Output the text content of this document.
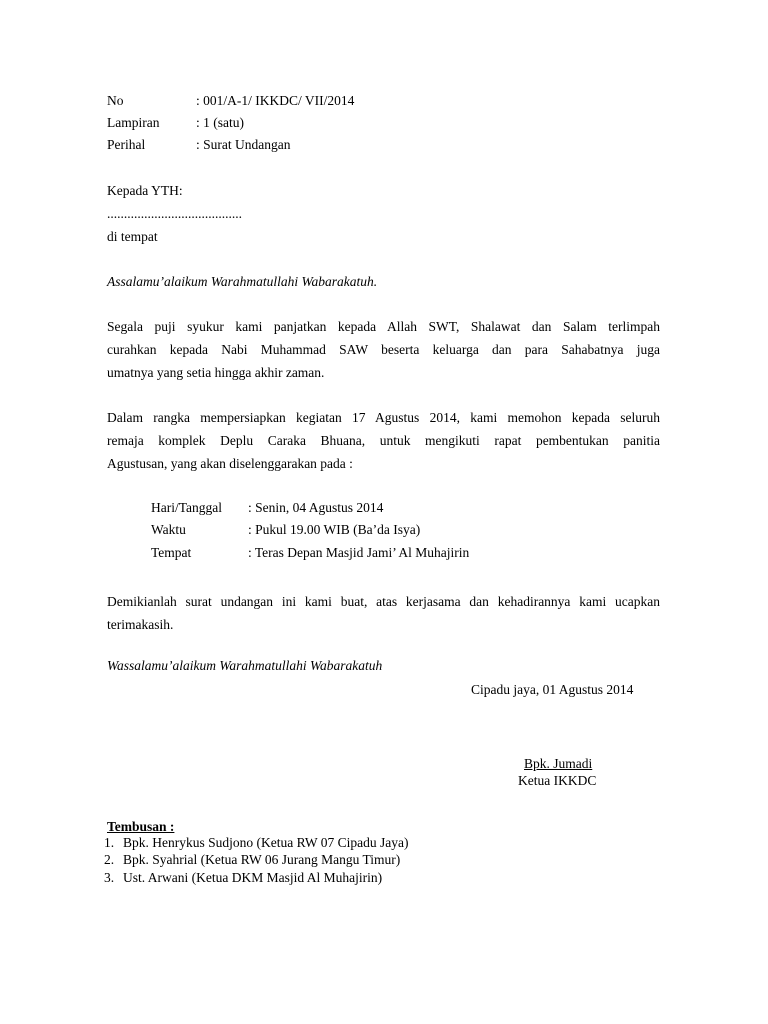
No	: 001/A-1/ IKKDC/ VII/2014
Lampiran	: 1 (satu)
Perihal	: Surat Undangan
Kepada YTH:
........................................
di tempat
Assalamu’alaikum Warahmatullahi Wabarakatuh.
Segala puji syukur kami panjatkan kepada Allah SWT, Shalawat dan Salam terlimpah
curahkan kepada Nabi Muhammad SAW beserta keluarga dan para Sahabatnya juga
umatnya yang setia hingga akhir zaman.
Dalam rangka mempersiapkan kegiatan 17 Agustus 2014, kami memohon kepada seluruh
remaja komplek Deplu Caraka Bhuana, untuk mengikuti rapat pembentukan panitia
Agustusan, yang akan diselenggarakan pada :
Hari/Tanggal : Senin, 04 Agustus 2014
Waktu	: Pukul 19.00 WIB (Ba’da Isya)
Tempat	: Teras Depan Masjid Jami’ Al Muhajirin
Demikianlah surat undangan ini kami buat, atas kerjasama dan kehadirannya kami ucapkan
terimakasih.
Wassalamu’alaikum Warahmatullahi Wabarakatuh
Cipadu jaya, 01 Agustus 2014
Bpk. Jumadi
Ketua IKKDC
Tembusan :
1. Bpk. Henrykus Sudjono (Ketua RW 07 Cipadu Jaya)
2. Bpk. Syahrial (Ketua RW 06 Jurang Mangu Timur)
3. Ust. Arwani (Ketua DKM Masjid Al Muhajirin)
